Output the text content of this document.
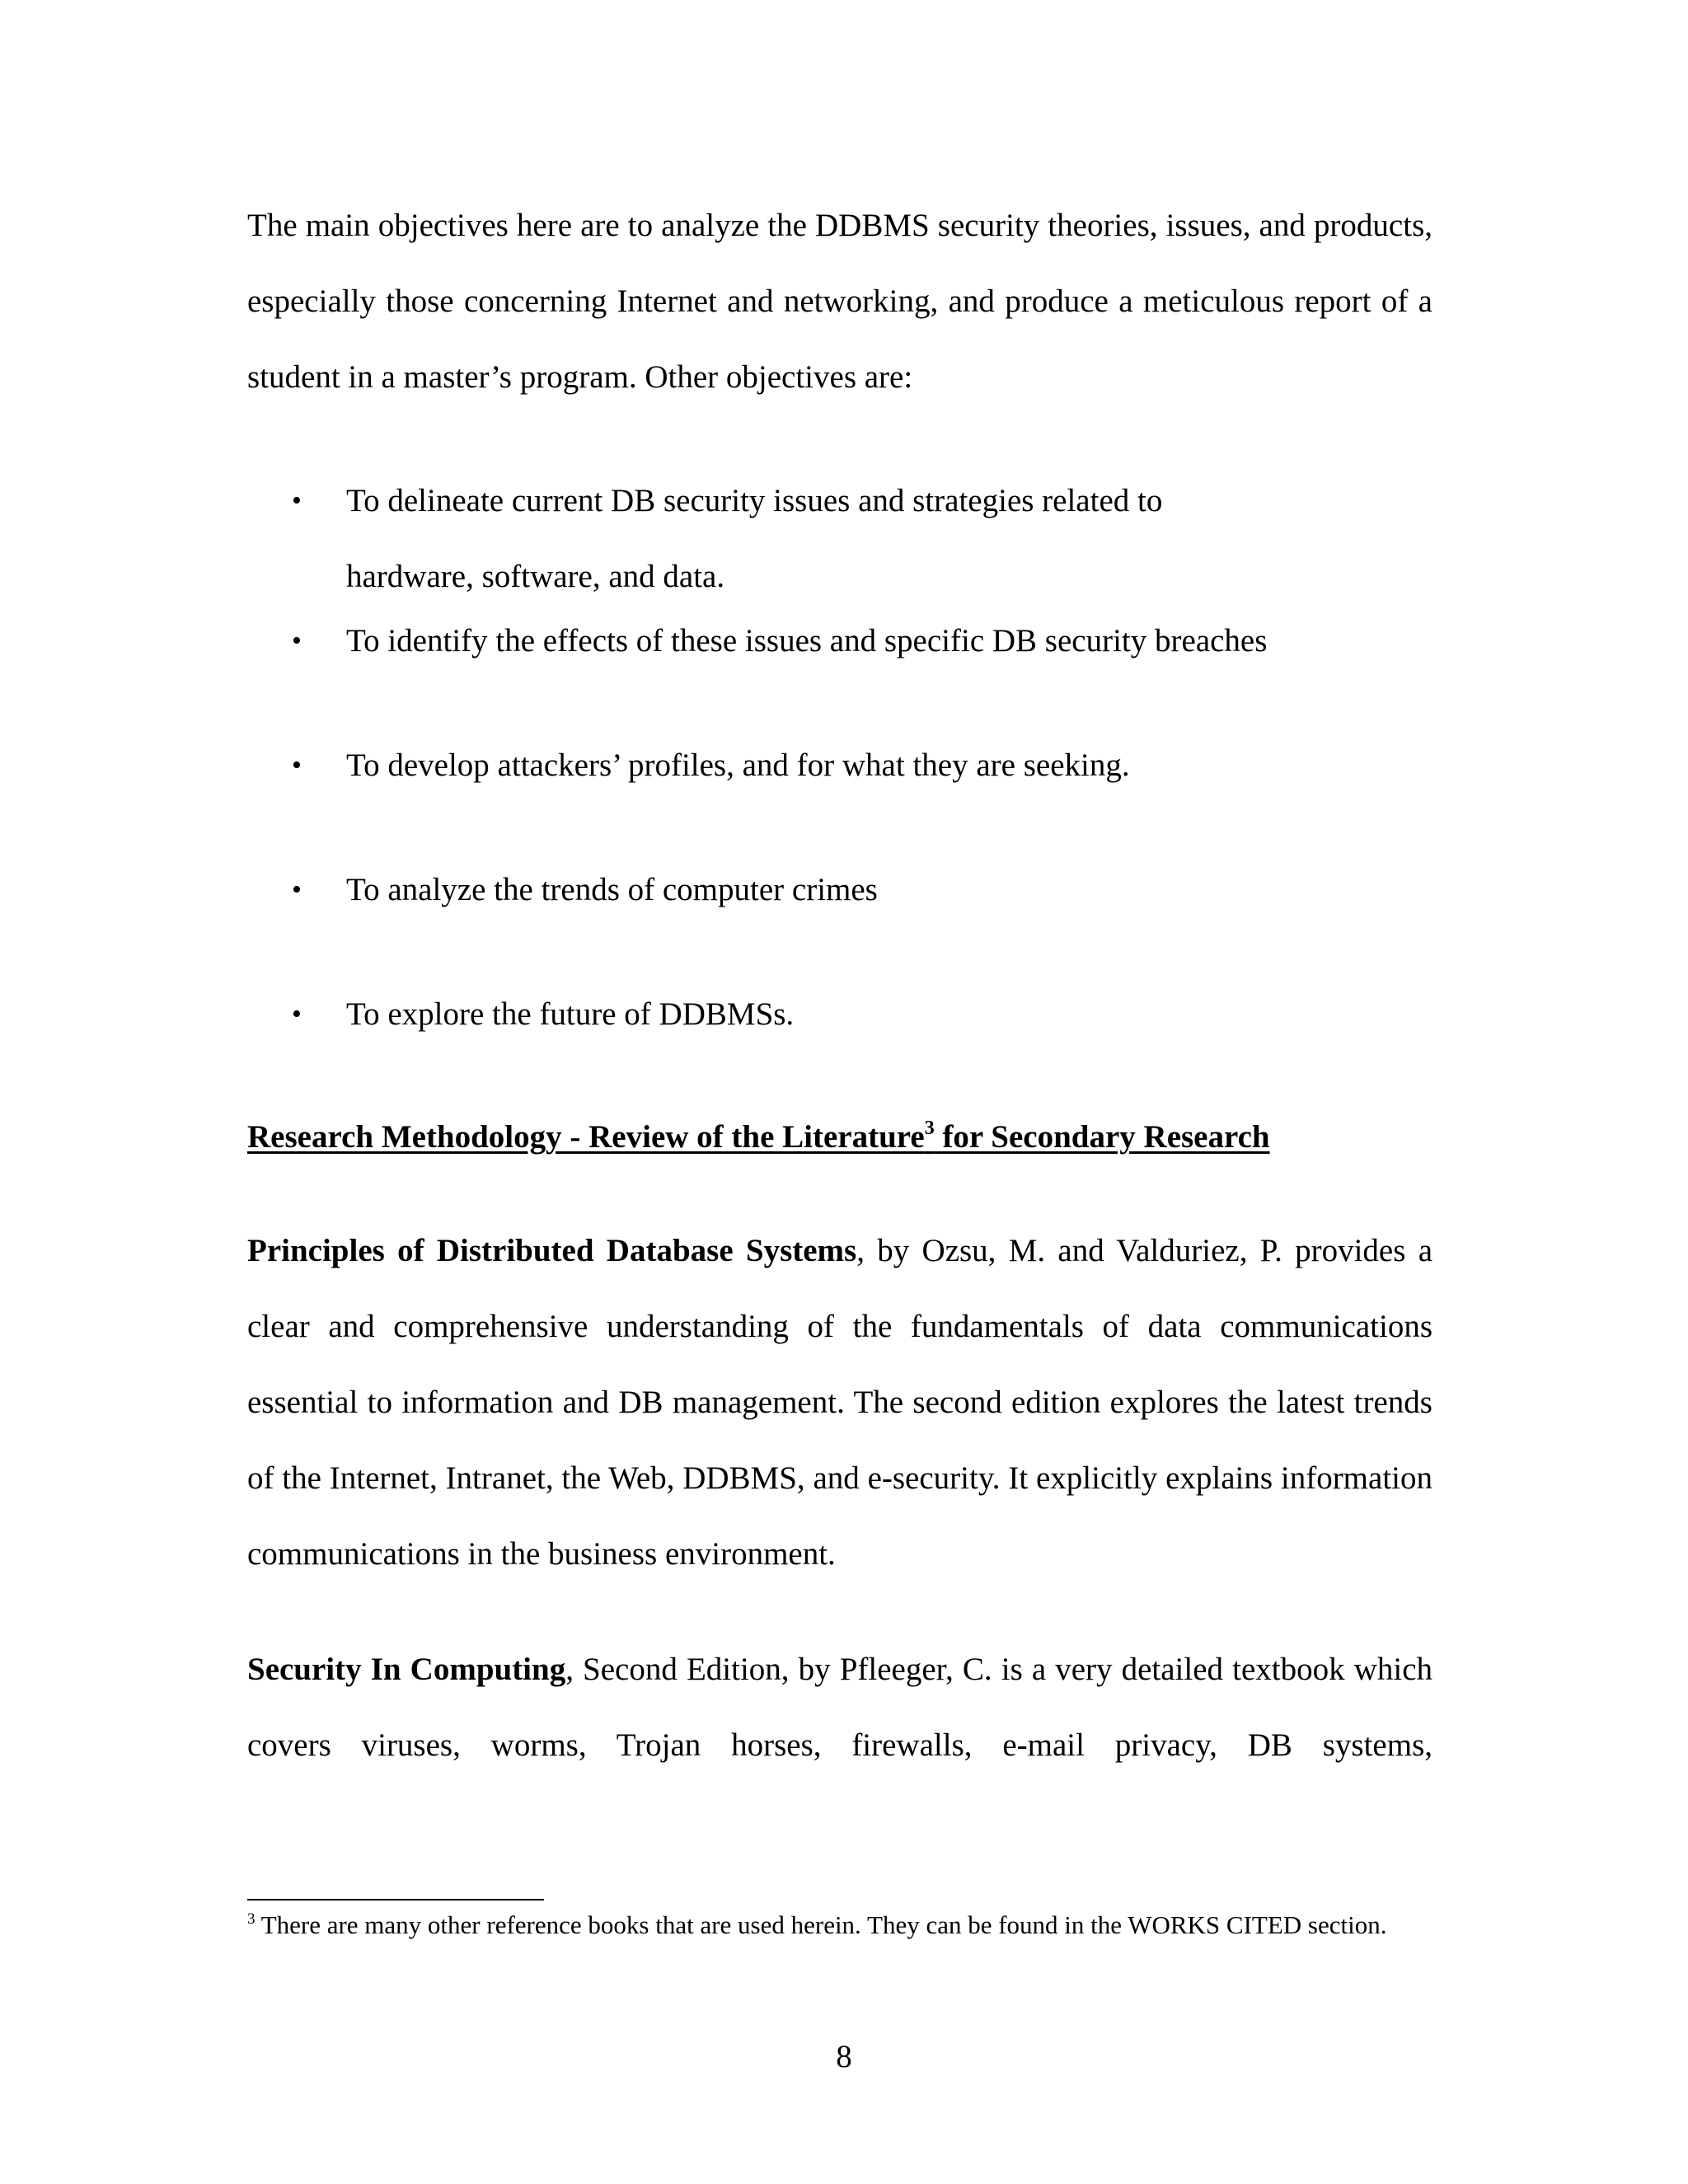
The main objectives here are to analyze the DDBMS security theories, issues, and products, especially those concerning Internet and networking, and produce a meticulous report of a student in a master’s program. Other objectives are:

• To delineate current DB security issues and strategies related to hardware, software, and data.
• To identify the effects of these issues and specific DB security breaches
• To develop attackers’ profiles, and for what they are seeking.
• To analyze the trends of computer crimes
• To explore the future of DDBMSs.
Research Methodology - Review of the Literature$^3$ for Secondary Research

Principles of Distributed Database Systems, by Ozsu, M. and Valduriez, P. provides a clear and comprehensive understanding of the fundamentals of data communications essential to information and DB management. The second edition explores the latest trends of the Internet, Intranet, the Web, DDBMS, and e-security. It explicitly explains information communications in the business environment.

Security In Computing, Second Edition, by Pfleeger, C. is a very detailed textbook which covers viruses, worms, Trojan horses, firewalls, e-mail privacy, DB systems,

$^3$ There are many other reference books that are used herein. They can be found in the WORKS CITED section.

8
